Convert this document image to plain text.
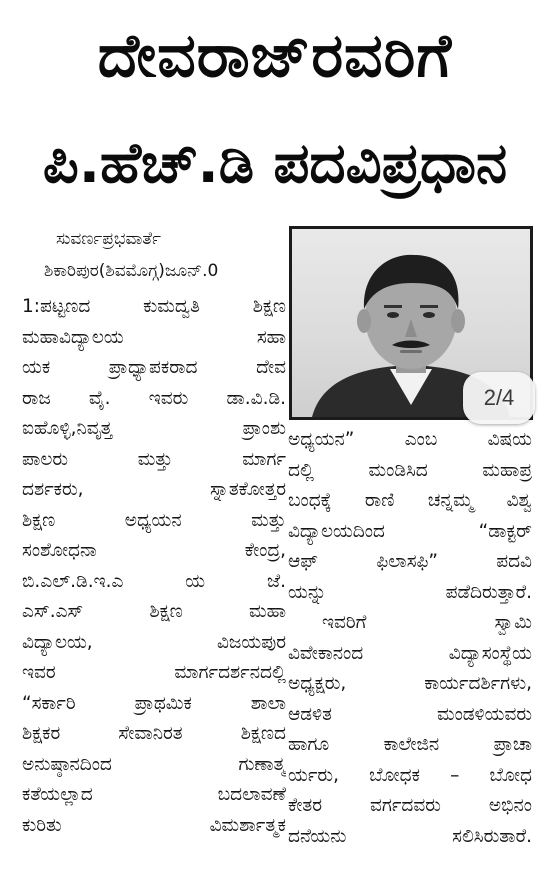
ದೇವರಾಜ್‌ರವರಿಗೆ
ಪಿ.ಹೆಚ್.ಡಿ ಪದವಿಪ್ರಧಾನ
ಸುವರ್ಣಪ್ರಭವಾರ್ತೆ
ಶಿಕಾರಿಪುರ(ಶಿವಮೊಗ್ಗ)ಜೂನ್.0
1:ಪಟ್ಟಣದ ಕುಮದ್ವತಿ ಶಿಕ್ಷಣ
ಮಹಾವಿದ್ಯಾಲಯ ಸಹಾ
ಯಕ ಪ್ರಾಧ್ಯಾಪಕರಾದ ದೇವ
ರಾಜ ವೈ. ಇವರು ಡಾ.ವಿ.ಡಿ.
ಐಹೊಳ್ಳಿ,ನಿವೃತ್ತ ಪ್ರಾಂಶು
ಪಾಲರು ಮತ್ತು ಮಾರ್ಗ
ದರ್ಶಕರು, ಸ್ನಾತಕೋತ್ತರ
ಶಿಕ್ಷಣ ಅಧ್ಯಯನ ಮತ್ತು
ಸಂಶೋಧನಾ ಕೇಂದ್ರ,
ಬಿ.ಎಲ್.ಡಿ.ಇ.ಎ ಯ ಜೆ.
ಎಸ್.ಎಸ್ ಶಿಕ್ಷಣ ಮಹಾ
ವಿದ್ಯಾಲಯ, ವಿಜಯಪುರ
ಇವರ ಮಾರ್ಗದರ್ಶನದಲ್ಲಿ
“ಸರ್ಕಾರಿ ಪ್ರಾಥಮಿಕ ಶಾಲಾ
ಶಿಕ್ಷಕರ ಸೇವಾನಿರತ ಶಿಕ್ಷಣದ
ಅನುಷ್ಠಾನದಿಂದ ಗುಣಾತ್ಮ
ಕತೆಯಲ್ಲಾದ ಬದಲಾವಣೆ
ಕುರಿತು ವಿಮರ್ಶಾತ್ಮಕ
2/4
ಅಧ್ಯಯನ” ಎಂಬ ವಿಷಯ
ದಲ್ಲಿ ಮಂಡಿಸಿದ ಮಹಾಪ್ರ
ಬಂಧಕ್ಕೆ ರಾಣಿ ಚನ್ನಮ್ಮ ವಿಶ್ವ
ವಿದ್ಯಾಲಯದಿಂದ “ಡಾಕ್ಟರ್
ಆಫ್ ಫಿಲಾಸಫಿ” ಪದವಿ
ಯನ್ನು ಪಡೆದಿರುತ್ತಾರೆ.
ಇವರಿಗೆ ಸ್ವಾಮಿ
ವಿವೇಕಾನಂದ ವಿದ್ಯಾಸಂಸ್ಥೆಯ
ಅಧ್ಯಕ್ಷರು, ಕಾರ್ಯದರ್ಶಿಗಳು,
ಆಡಳಿತ ಮಂಡಳಿಯವರು
ಹಾಗೂ ಕಾಲೇಜಿನ ಪ್ರಾಚಾ
ರ್ಯರು, ಬೋಧಕ – ಬೋಧ
ಕೇತರ ವರ್ಗದವರು ಅಭಿನಂ
ದನೆಯನು ಸಲಿಸಿರುತಾರೆ.
